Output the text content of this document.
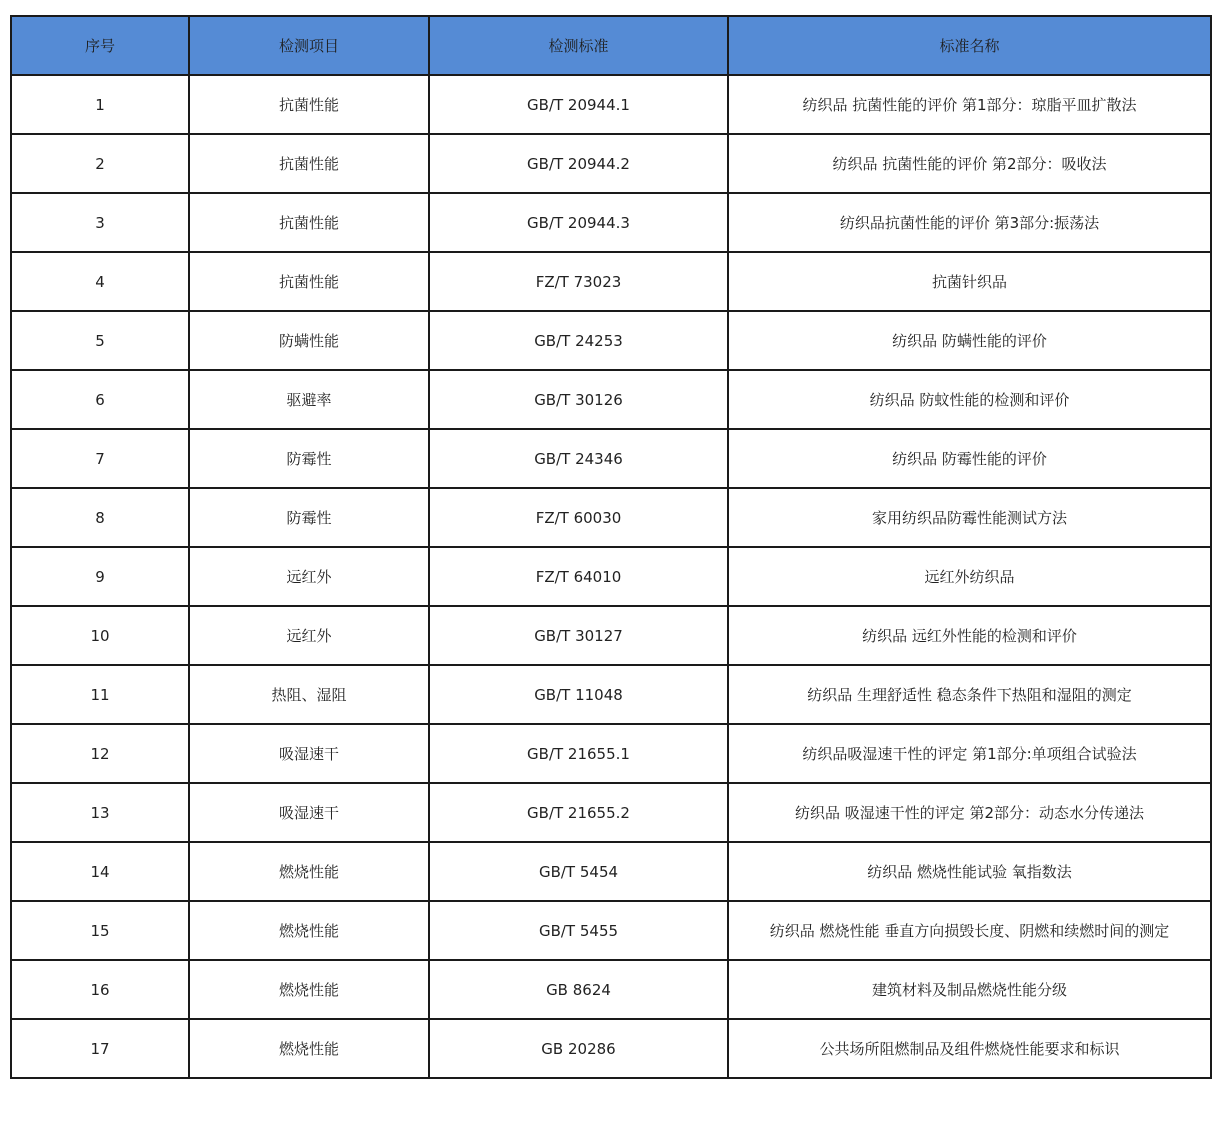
序号	检测项目	检测标准	标准名称
1	抗菌性能	GB/T 20944.1	纺织品 抗菌性能的评价 第1部分：琼脂平皿扩散法
2	抗菌性能	GB/T 20944.2	纺织品 抗菌性能的评价 第2部分：吸收法
3	抗菌性能	GB/T 20944.3	纺织品抗菌性能的评价 第3部分:振荡法
4	抗菌性能	FZ/T 73023	抗菌针织品
5	防螨性能	GB/T 24253	纺织品 防螨性能的评价
6	驱避率	GB/T 30126	纺织品 防蚊性能的检测和评价
7	防霉性	GB/T 24346	纺织品 防霉性能的评价
8	防霉性	FZ/T 60030	家用纺织品防霉性能测试方法
9	远红外	FZ/T 64010	远红外纺织品
10	远红外	GB/T 30127	纺织品 远红外性能的检测和评价
11	热阻、湿阻	GB/T 11048	纺织品 生理舒适性 稳态条件下热阻和湿阻的测定
12	吸湿速干	GB/T 21655.1	纺织品吸湿速干性的评定 第1部分:单项组合试验法
13	吸湿速干	GB/T 21655.2	纺织品 吸湿速干性的评定 第2部分：动态水分传递法
14	燃烧性能	GB/T 5454	纺织品 燃烧性能试验 氧指数法
15	燃烧性能	GB/T 5455	纺织品 燃烧性能 垂直方向损毁长度、阴燃和续燃时间的测定
16	燃烧性能	GB 8624	建筑材料及制品燃烧性能分级
17	燃烧性能	GB 20286	公共场所阻燃制品及组件燃烧性能要求和标识
